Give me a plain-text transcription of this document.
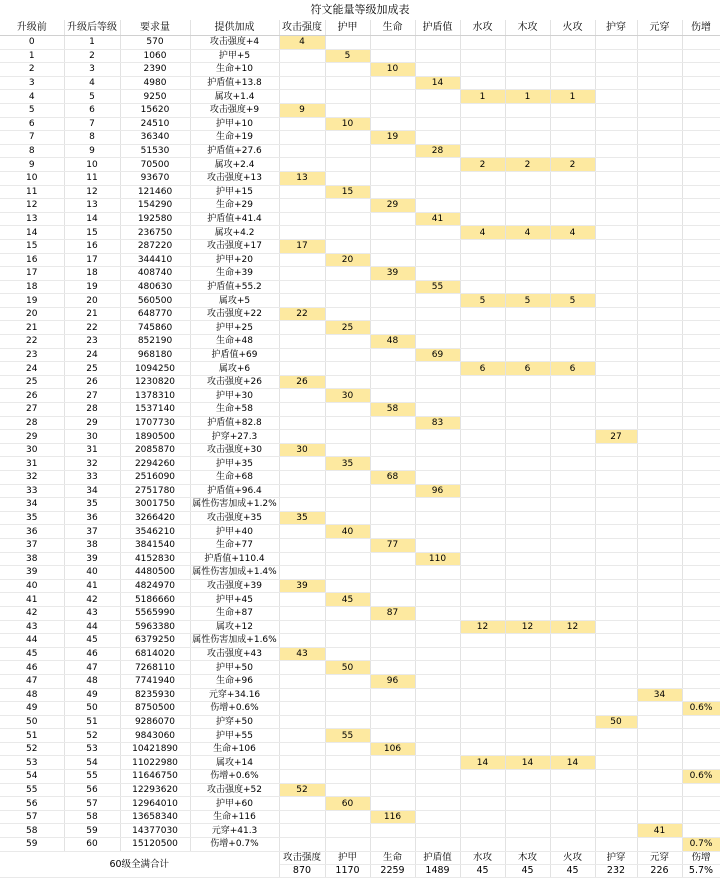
符文能量等级加成表
升级前	升级后等级	要求量	提供加成	攻击强度	护甲	生命	护盾值	水攻	木攻	火攻	护穿	元穿	伤增
0	1	570	攻击强度+4	4									
1	2	1060	护甲+5		5								
2	3	2390	生命+10			10							
3	4	4980	护盾值+13.8				14						
4	5	9250	属攻+1.4					1	1	1			
5	6	15620	攻击强度+9	9									
6	7	24510	护甲+10		10								
7	8	36340	生命+19			19							
8	9	51530	护盾值+27.6				28						
9	10	70500	属攻+2.4					2	2	2			
10	11	93670	攻击强度+13	13									
11	12	121460	护甲+15		15								
12	13	154290	生命+29			29							
13	14	192580	护盾值+41.4				41						
14	15	236750	属攻+4.2					4	4	4			
15	16	287220	攻击强度+17	17									
16	17	344410	护甲+20		20								
17	18	408740	生命+39			39							
18	19	480630	护盾值+55.2				55						
19	20	560500	属攻+5					5	5	5			
20	21	648770	攻击强度+22	22									
21	22	745860	护甲+25		25								
22	23	852190	生命+48			48							
23	24	968180	护盾值+69				69						
24	25	1094250	属攻+6					6	6	6			
25	26	1230820	攻击强度+26	26									
26	27	1378310	护甲+30		30								
27	28	1537140	生命+58			58							
28	29	1707730	护盾值+82.8				83						
29	30	1890500	护穿+27.3								27		
30	31	2085870	攻击强度+30	30									
31	32	2294260	护甲+35		35								
32	33	2516090	生命+68			68							
33	34	2751780	护盾值+96.4				96						
34	35	3001750	属性伤害加成+1.2%										
35	36	3266420	攻击强度+35	35									
36	37	3546210	护甲+40		40								
37	38	3841540	生命+77			77							
38	39	4152830	护盾值+110.4				110						
39	40	4480500	属性伤害加成+1.4%										
40	41	4824970	攻击强度+39	39									
41	42	5186660	护甲+45		45								
42	43	5565990	生命+87			87							
43	44	5963380	属攻+12					12	12	12			
44	45	6379250	属性伤害加成+1.6%										
45	46	6814020	攻击强度+43	43									
46	47	7268110	护甲+50		50								
47	48	7741940	生命+96			96							
48	49	8235930	元穿+34.16									34	
49	50	8750500	伤增+0.6%										0.6%
50	51	9286070	护穿+50								50		
51	52	9843060	护甲+55		55								
52	53	10421890	生命+106			106							
53	54	11022980	属攻+14					14	14	14			
54	55	11646750	伤增+0.6%										0.6%
55	56	12293620	攻击强度+52	52									
56	57	12964010	护甲+60		60								
57	58	13658340	生命+116			116							
58	59	14377030	元穿+41.3									41	
59	60	15120500	伤增+0.7%										0.7%
60级全满合计				攻击强度	护甲	生命	护盾值	水攻	木攻	火攻	护穿	元穿	伤增
				870	1170	2259	1489	45	45	45	232	226	5.7%
